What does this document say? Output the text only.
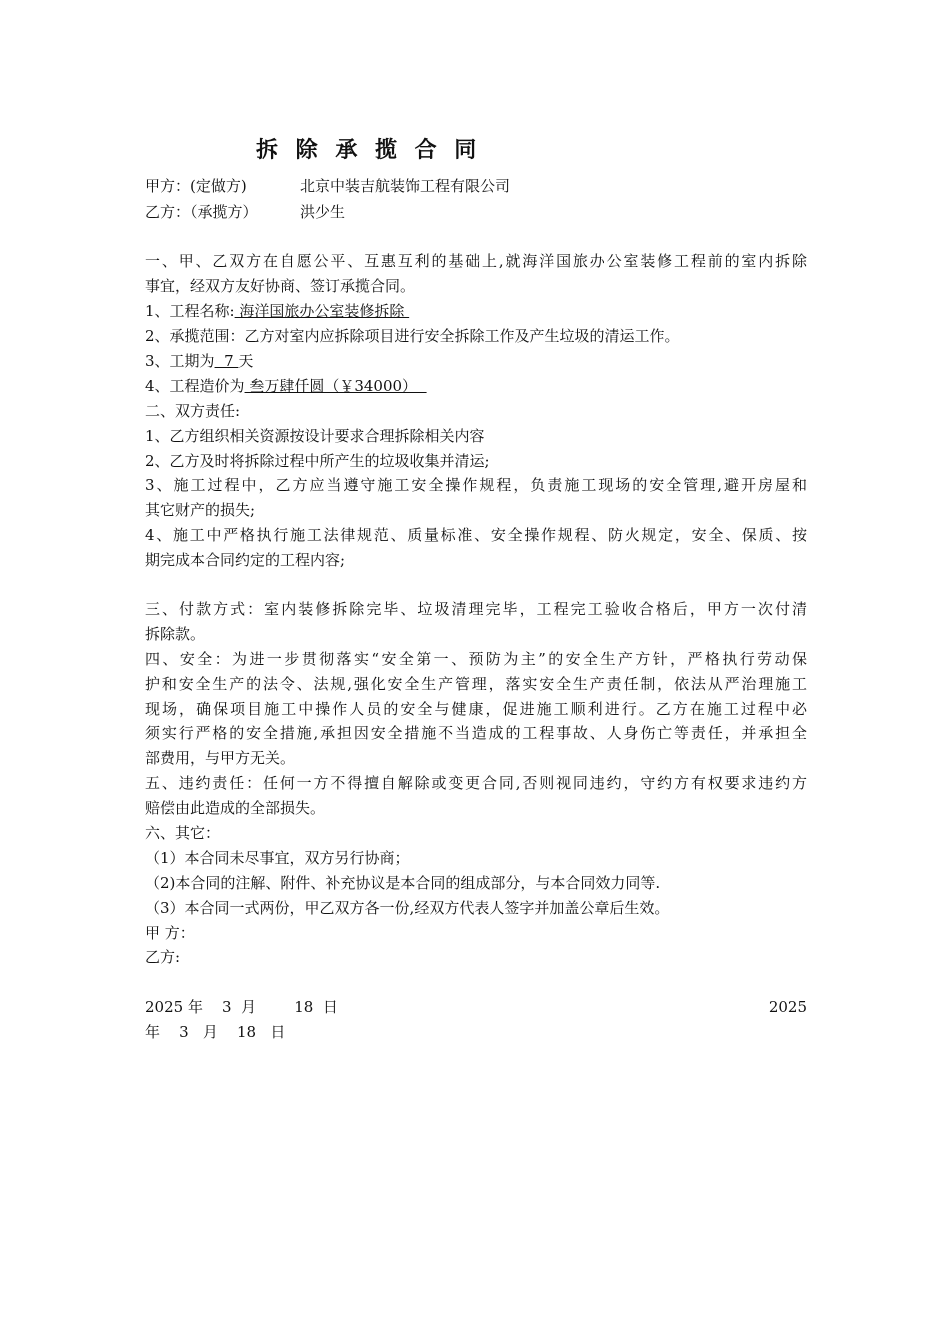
拆 除 承 揽 合 同
甲方：(定做方)	北京中装吉航装饰工程有限公司
乙方：（承揽方）	洪少生
一、甲、乙双方在自愿公平、互惠互利的基础上,就海洋国旅办公室装修工程前的室内拆除
事宜，经双方友好协商、签订承揽合同。
1、工程名称: 海洋国旅办公室装修拆除
2、承揽范围：乙方对室内应拆除项目进行安全拆除工作及产生垃圾的清运工作。
3、工期为  7 天
4、工程造价为 叁万肆仟圆（￥34000）
二、双方责任:
1、乙方组织相关资源按设计要求合理拆除相关内容
2、乙方及时将拆除过程中所产生的垃圾收集并清运;
3、施工过程中，乙方应当遵守施工安全操作规程，负责施工现场的安全管理,避开房屋和
其它财产的损失;
4、施工中严格执行施工法律规范、质量标准、安全操作规程、防火规定，安全、保质、按
期完成本合同约定的工程内容;
三、付款方式：室内装修拆除完毕、垃圾清理完毕，工程完工验收合格后，甲方一次付清
拆除款。
四、安全：为进一步贯彻落实“安全第一、预防为主”的安全生产方针，严格执行劳动保
护和安全生产的法令、法规,强化安全生产管理，落实安全生产责任制，依法从严治理施工
现场，确保项目施工中操作人员的安全与健康，促进施工顺利进行。乙方在施工过程中必
须实行严格的安全措施,承担因安全措施不当造成的工程事故、人身伤亡等责任，并承担全
部费用，与甲方无关。
五、违约责任：任何一方不得擅自解除或变更合同,否则视同违约，守约方有权要求违约方
赔偿由此造成的全部损失。
六、其它：
（1）本合同未尽事宜，双方另行协商；
（2)本合同的注解、附件、补充协议是本合同的组成部分，与本合同效力同等.
（3）本合同一式两份，甲乙双方各一份,经双方代表人签字并加盖公章后生效。
甲 方：
乙方:
2025 年    3  月        18  日	2025
年    3   月    18   日
